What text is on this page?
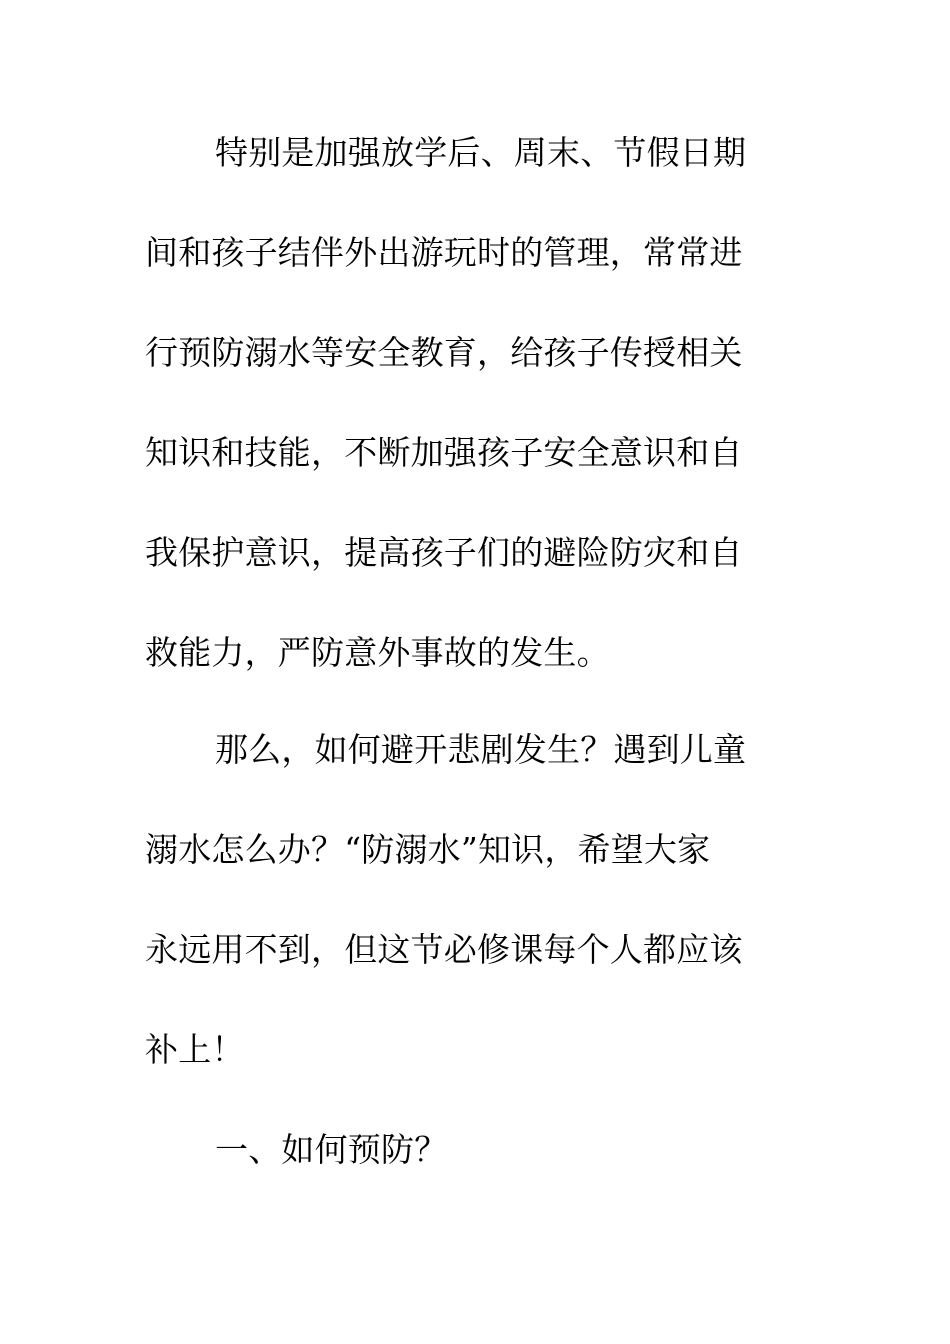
特别是加强放学后、周末、节假日期
间和孩子结伴外出游玩时的管理，常常进
行预防溺水等安全教育，给孩子传授相关
知识和技能，不断加强孩子安全意识和自
我保护意识，提高孩子们的避险防灾和自
救能力，严防意外事故的发生。
那么，如何避开悲剧发生？遇到儿童
溺水怎么办？“防溺水”知识，希望大家
永远用不到，但这节必修课每个人都应该
补上！
一、如何预防？
